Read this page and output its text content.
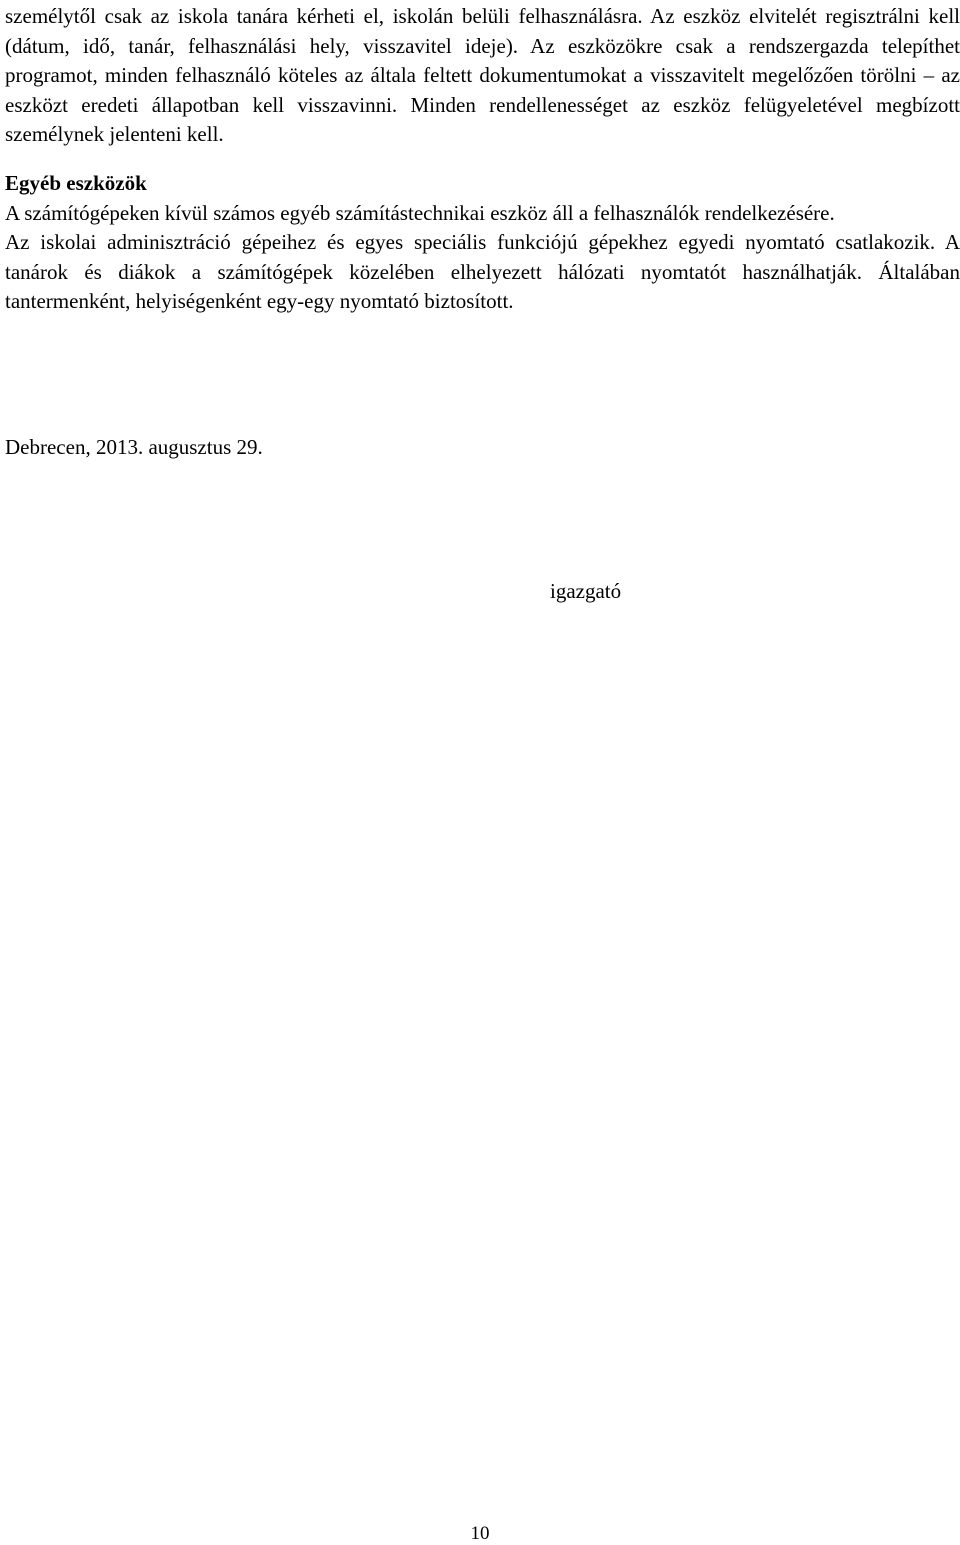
személytől csak az iskola tanára kérheti el, iskolán belüli felhasználásra. Az eszköz elvitelét regisztrálni kell (dátum, idő, tanár, felhasználási hely, visszavitel ideje). Az eszközökre csak a rendszergazda telepíthet programot, minden felhasználó köteles az általa feltett dokumentumokat a visszavitelt megelőzően törölni – az eszközt eredeti állapotban kell visszavinni. Minden rendellenességet az eszköz felügyeletével megbízott személynek jelenteni kell.

Egyéb eszközök

A számítógépeken kívül számos egyéb számítástechnikai eszköz áll a felhasználók rendelkezésére.

Az iskolai adminisztráció gépeihez és egyes speciális funkciójú gépekhez egyedi nyomtató csatlakozik. A tanárok és diákok a számítógépek közelében elhelyezett hálózati nyomtatót használhatják. Általában tantermenként, helyiségenként egy-egy nyomtató biztosított.

Debrecen, 2013. augusztus 29.
igazgató
10
